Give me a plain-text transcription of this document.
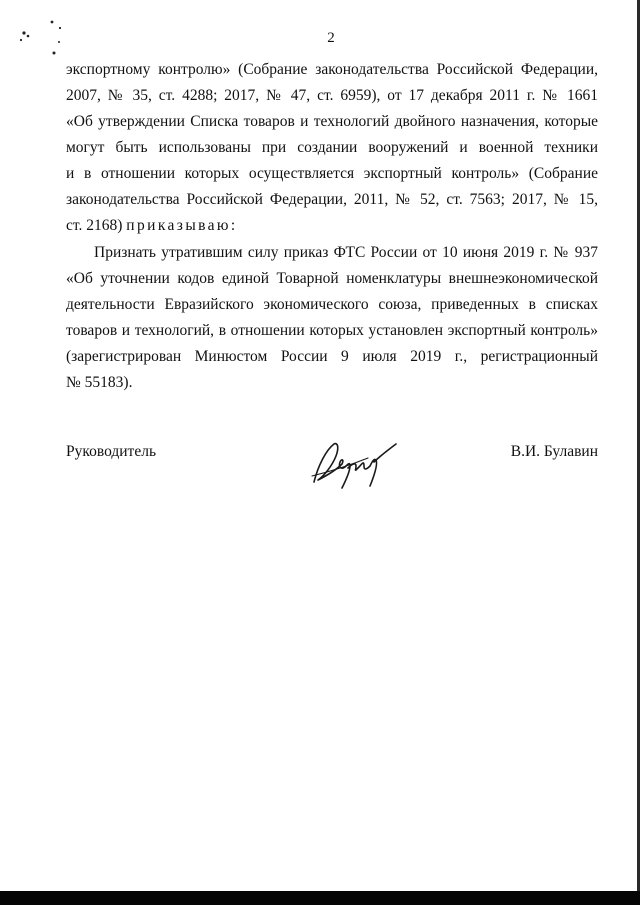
2
экспортному контролю» (Собрание законодательства Российской Федерации,
2007, № 35, ст. 4288; 2017, № 47, ст. 6959), от 17 декабря 2011 г. № 1661
«Об утверждении Списка товаров и технологий двойного назначения, которые
могут быть использованы при создании вооружений и военной техники
и в отношении которых осуществляется экспортный контроль» (Собрание
законодательства Российской Федерации, 2011, № 52, ст. 7563; 2017, № 15,
ст. 2168) приказываю:
Признать утратившим силу приказ ФТС России от 10 июня 2019 г. № 937
«Об уточнении кодов единой Товарной номенклатуры внешнеэкономической
деятельности Евразийского экономического союза, приведенных в списках
товаров и технологий, в отношении которых установлен экспортный контроль»
(зарегистрирован Минюстом России 9 июля 2019 г., регистрационный
№ 55183).
Руководитель	В.И. Булавин
